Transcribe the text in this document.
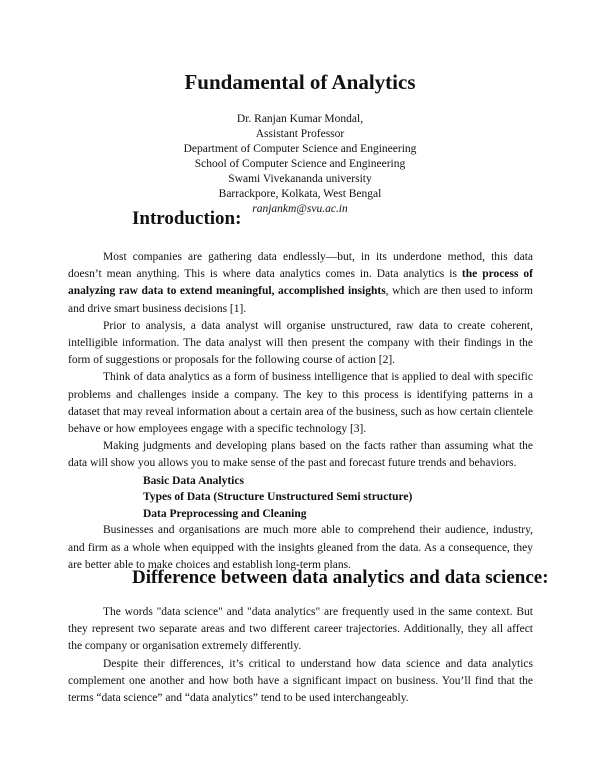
Fundamental of Analytics
Dr. Ranjan Kumar Mondal,
Assistant Professor
Department of Computer Science and Engineering
School of Computer Science and Engineering
Swami Vivekananda university
Barrackpore, Kolkata, West Bengal
ranjankm@svu.ac.in
Introduction:

Most companies are gathering data endlessly—but, in its underdone method, this data doesn’t mean anything. This is where data analytics comes in. Data analytics is the process of analyzing raw data to extend meaningful, accomplished insights, which are then used to inform and drive smart business decisions [1].

Prior to analysis, a data analyst will organise unstructured, raw data to create coherent, intelligible information. The data analyst will then present the company with their findings in the form of suggestions or proposals for the following course of action [2].

Think of data analytics as a form of business intelligence that is applied to deal with specific problems and challenges inside a company. The key to this process is identifying patterns in a dataset that may reveal information about a certain area of the business, such as how certain clientele behave or how employees engage with a specific technology [3].

Making judgments and developing plans based on the facts rather than assuming what the data will show you allows you to make sense of the past and forecast future trends and behaviors.

Basic Data Analytics
Types of Data (Structure Unstructured Semi structure)
Data Preprocessing and Cleaning

Businesses and organisations are much more able to comprehend their audience, industry, and firm as a whole when equipped with the insights gleaned from the data. As a consequence, they are better able to make choices and establish long-term plans.

Difference between data analytics and data science:

The words "data science" and "data analytics" are frequently used in the same context. But they represent two separate areas and two different career trajectories. Additionally, they all affect the company or organisation extremely differently.

Despite their differences, it’s critical to understand how data science and data analytics complement one another and how both have a significant impact on business. You’ll find that the terms “data science” and “data analytics” tend to be used interchangeably.
